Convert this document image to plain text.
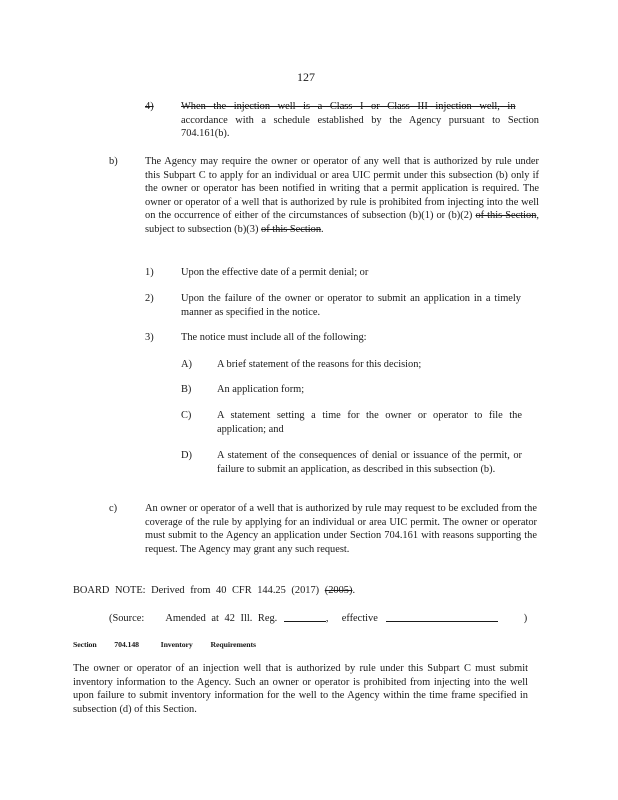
127
4)	When the injection well is a Class I or Class III injection well, in
accordance with a schedule established by the Agency pursuant to Section 704.161(b).
b)	The Agency may require the owner or operator of any well that is authorized by rule under this Subpart C to apply for an individual or area UIC permit under this subsection (b) only if the owner or operator has been notified in writing that a permit application is required. The owner or operator of a well that is authorized by rule is prohibited from injecting into the well on the occurrence of either of the circumstances of subsection (b)(1) or (b)(2) of this Section, subject to subsection (b)(3) of this Section.
1)	Upon the effective date of a permit denial; or
2)	Upon the failure of the owner or operator to submit an application in a timely manner as specified in the notice.
3)	The notice must include all of the following:
A) A brief statement of the reasons for this decision;
B) An application form;
C) A statement setting a time for the owner or operator to file the application; and
D) A statement of the consequences of denial or issuance of the permit, or failure to submit an application, as described in this subsection (b).
c)	An owner or operator of a well that is authorized by rule may request to be excluded from the coverage of the rule by applying for an individual or area UIC permit. The owner or operator must submit to the Agency an application under Section 704.161 with reasons supporting the request. The Agency may grant any such request.
BOARD NOTE: Derived from 40 CFR 144.25 (2017) (2005).
(Source: Amended at 42 Ill. Reg.	, effective	)
Section 704.148	Inventory Requirements
The owner or operator of an injection well that is authorized by rule under this Subpart C must submit inventory information to the Agency. Such an owner or operator is prohibited from injecting into the well upon failure to submit inventory information for the well to the Agency within the time frame specified in subsection (d) of this Section.
